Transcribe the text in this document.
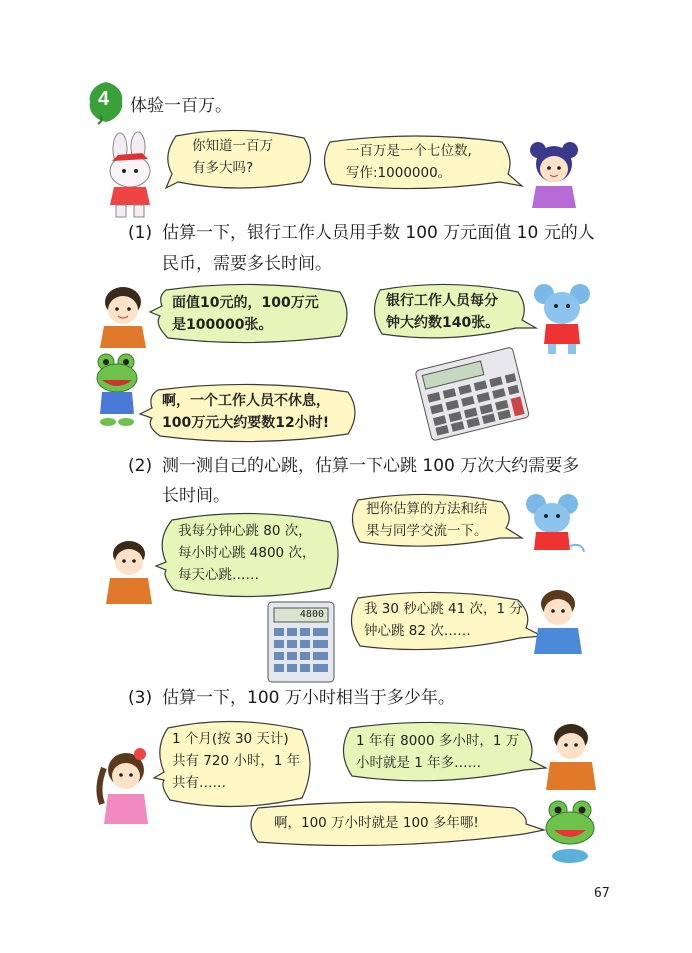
4 体验一百万。
你知道一百万
有多大吗?
一百万是一个七位数,
写作:1000000。
(1) 估算一下，银行工作人员用手数 100 万元面值 10 元的人
民币，需要多长时间。
面值10元的，100万元
是100000张。
银行工作人员每分
钟大约数140张。
啊，一个工作人员不休息，
100万元大约要数12小时!
(2) 测一测自己的心跳，估算一下心跳 100 万次大约需要多
长时间。
把你估算的方法和结
果与同学交流一下。
我每分钟心跳 80 次，
每小时心跳 4800 次，
每天心跳……
4800	我 30 秒心跳 41 次，1 分
钟心跳 82 次……
(3) 估算一下，100 万小时相当于多少年。
1 个月(按 30 天计)
共有 720 小时，1 年
共有……
1 年有 8000 多小时，1 万
小时就是 1 年多……
啊，100 万小时就是 100 多年哪!
67
